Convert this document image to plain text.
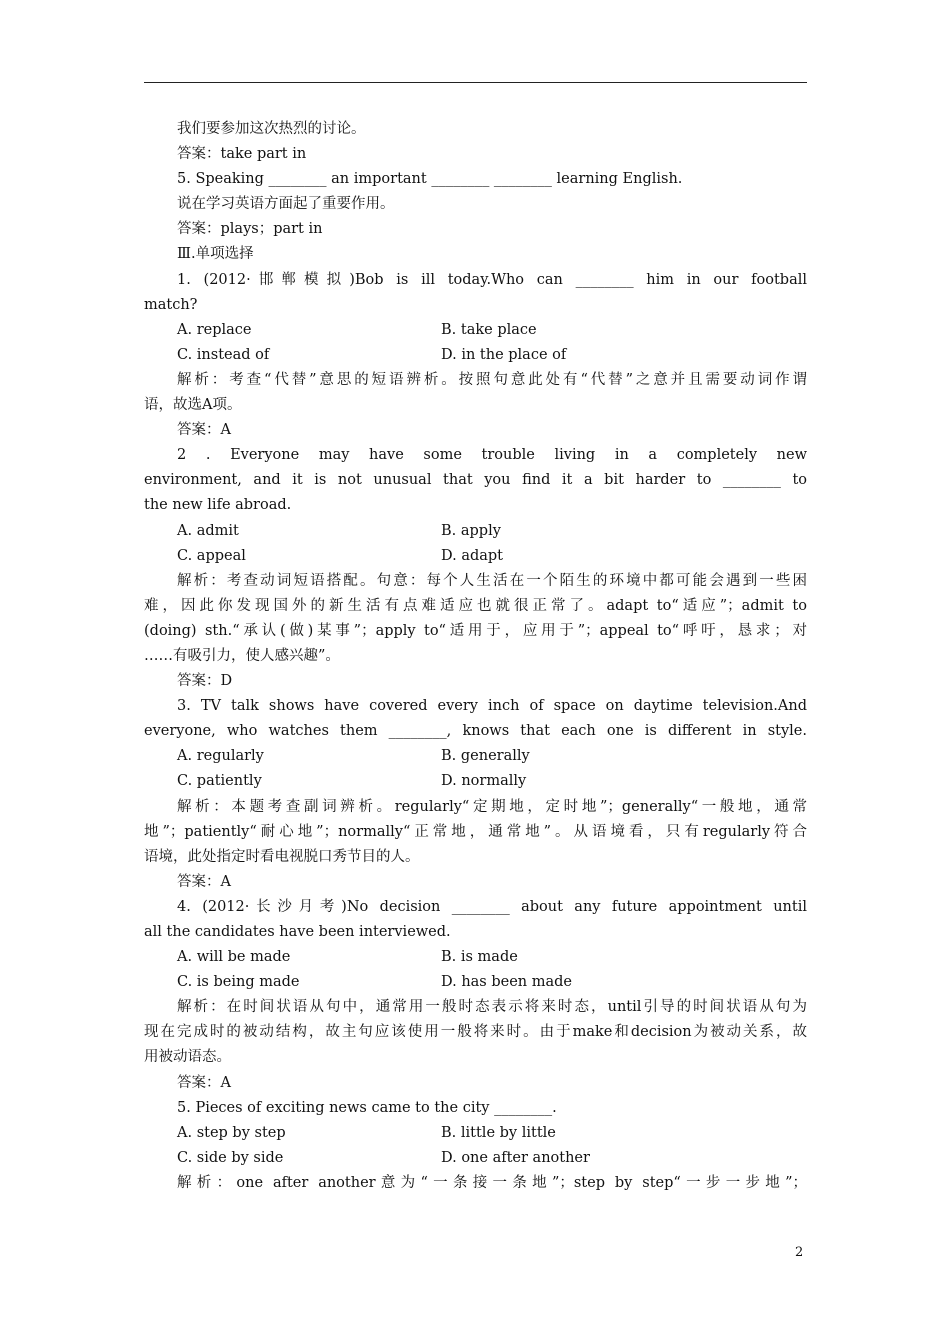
我们要参加这次热烈的讨论。
答案：take part in
5. Speaking ________ an important ________ ________ learning English.
说在学习英语方面起了重要作用。
答案：plays；part in
Ⅲ.单项选择
1. (2012·邯郸模拟)Bob is ill today.Who can ________ him in our football
match?
A. replace	B. take place
C. instead of	D. in the place of
解析：考查“代替”意思的短语辨析。按照句意此处有“代替”之意并且需要动词作谓
语，故选A项。
答案：A
2 . Everyone may have some trouble living in a completely new
environment, and it is not unusual that you find it a bit harder to ________ to
the new life abroad.
A. admit	B. apply
C. appeal	D. adapt
解析：考查动词短语搭配。句意：每个人生活在一个陌生的环境中都可能会遇到一些困
难，因此你发现国外的新生活有点难适应也就很正常了。adapt to“适应”；admit to
(doing) sth.“承认(做)某事”；apply to“适用于，应用于”；appeal to“呼吁，恳求；对
……有吸引力，使人感兴趣”。
答案：D
3. TV talk shows have covered every inch of space on daytime television.And
everyone, who watches them ________, knows that each one is different in style.
A. regularly	B. generally
C. patiently	D. normally
解析：本题考查副词辨析。regularly“定期地，定时地”；generally“一般地，通常
地”；patiently“耐心地”；normally“正常地，通常地”。从语境看，只有regularly符合
语境，此处指定时看电视脱口秀节目的人。
答案：A
4. (2012·长沙月考)No decision ________ about any future appointment until
all the candidates have been interviewed.
A. will be made	B. is made
C. is being made	D. has been made
解析：在时间状语从句中，通常用一般时态表示将来时态，until引导的时间状语从句为
现在完成时的被动结构，故主句应该使用一般将来时。由于make和decision为被动关系，故
用被动语态。
答案：A
5. Pieces of exciting news came to the city ________.
A. step by step	B. little by little
C. side by side	D. one after another
解析：one after another意为“一条接一条地”；step by step“一步一步地”；
2
